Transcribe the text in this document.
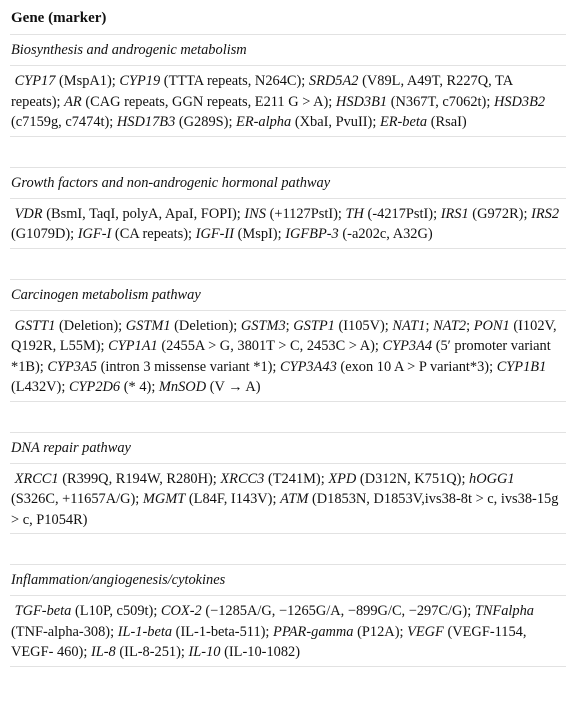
Gene (marker)
Biosynthesis and androgenic metabolism
CYP17 (MspA1); CYP19 (TTTA repeats, N264C); SRD5A2 (V89L, A49T, R227Q, TA repeats); AR (CAG repeats, GGN repeats, E211 G > A); HSD3B1 (N367T, c7062t); HSD3B2 (c7159g, c7474t); HSD17B3 (G289S); ER-alpha (XbaI, PvuII); ER-beta (RsaI)
Growth factors and non-androgenic hormonal pathway
VDR (BsmI, TaqI, polyA, ApaI, FOPI); INS (+1127PstI); TH (-4217PstI); IRS1 (G972R); IRS2 (G1079D); IGF-I (CA repeats); IGF-II (MspI); IGFBP-3 (-a202c, A32G)
Carcinogen metabolism pathway
GSTT1 (Deletion); GSTM1 (Deletion); GSTM3; GSTP1 (I105V); NAT1; NAT2; PON1 (I102V, Q192R, L55M); CYP1A1 (2455A > G, 3801T > C, 2453C > A); CYP3A4 (5′ promoter variant *1B); CYP3A5 (intron 3 missense variant *1); CYP3A43 (exon 10 A > P variant*3); CYP1B1 (L432V); CYP2D6 (* 4); MnSOD (V → A)
DNA repair pathway
XRCC1 (R399Q, R194W, R280H); XRCC3 (T241M); XPD (D312N, K751Q); hOGG1 (S326C, +11657A/G); MGMT (L84F, I143V); ATM (D1853N, D1853V,ivs38-8t > c, ivs38-15g > c, P1054R)
Inflammation/angiogenesis/cytokines
TGF-beta (L10P, c509t); COX-2 (−1285A/G, −1265G/A, −899G/C, −297C/G); TNFalpha (TNF-alpha-308); IL-1-beta (IL-1-beta-511); PPAR-gamma (P12A); VEGF (VEGF-1154, VEGF- 460); IL-8 (IL-8-251); IL-10 (IL-10-1082)
